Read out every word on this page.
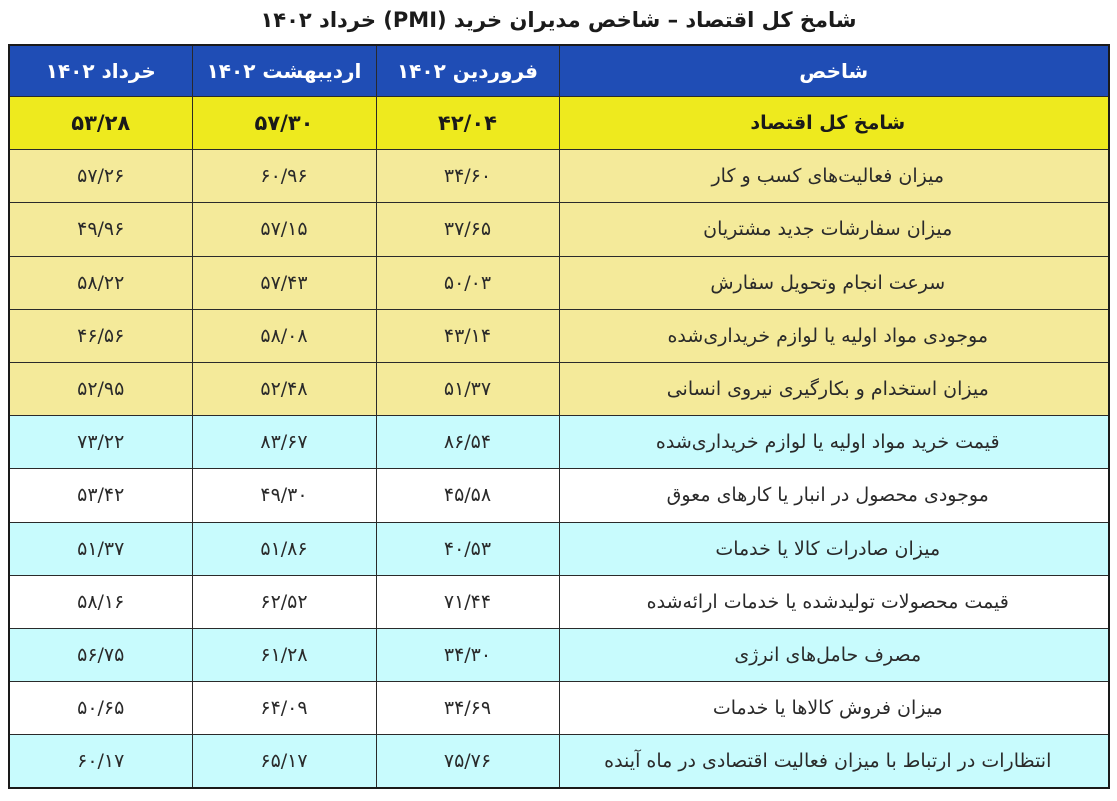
شامخ کل اقتصاد – شاخص مدیران خرید (PMI) خرداد ۱۴۰۲
شاخص	فروردین ۱۴۰۲	اردیبهشت ۱۴۰۲	خرداد ۱۴۰۲
شامخ کل اقتصاد	۴۲/۰۴	۵۷/۳۰	۵۳/۲۸
میزان فعالیت‌های کسب و کار	۳۴/۶۰	۶۰/۹۶	۵۷/۲۶
میزان سفارشات جدید مشتریان	۳۷/۶۵	۵۷/۱۵	۴۹/۹۶
سرعت انجام وتحویل سفارش	۵۰/۰۳	۵۷/۴۳	۵۸/۲۲
موجودی مواد اولیه یا لوازم خریداری‌شده	۴۳/۱۴	۵۸/۰۸	۴۶/۵۶
میزان استخدام و بکارگیری نیروی انسانی	۵۱/۳۷	۵۲/۴۸	۵۲/۹۵
قیمت خرید مواد اولیه یا لوازم خریداری‌شده	۸۶/۵۴	۸۳/۶۷	۷۳/۲۲
موجودی محصول در انبار یا کارهای معوق	۴۵/۵۸	۴۹/۳۰	۵۳/۴۲
میزان صادرات کالا یا خدمات	۴۰/۵۳	۵۱/۸۶	۵۱/۳۷
قیمت محصولات تولیدشده یا خدمات ارائه‌شده	۷۱/۴۴	۶۲/۵۲	۵۸/۱۶
مصرف حامل‌های انرژی	۳۴/۳۰	۶۱/۲۸	۵۶/۷۵
میزان فروش کالاها یا خدمات	۳۴/۶۹	۶۴/۰۹	۵۰/۶۵
انتظارات در ارتباط با میزان فعالیت اقتصادی در ماه آینده	۷۵/۷۶	۶۵/۱۷	۶۰/۱۷
